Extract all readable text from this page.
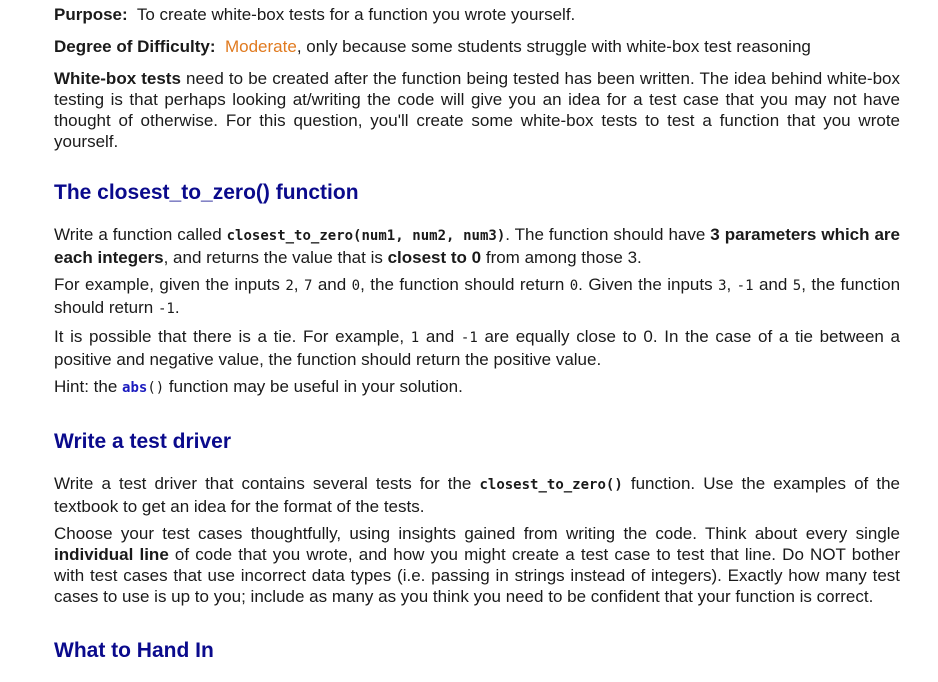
Purpose: To create white-box tests for a function you wrote yourself.

Degree of Difficulty: Moderate, only because some students struggle with white-box test reasoning

White-box tests need to be created after the function being tested has been written. The idea behind white-box testing is that perhaps looking at/writing the code will give you an idea for a test case that you may not have thought of otherwise. For this question, you'll create some white-box tests to test a function that you wrote yourself.

The closest_to_zero() function

Write a function called closest_to_zero(num1, num2, num3). The function should have 3 parameters which are each integers, and returns the value that is closest to 0 from among those 3.

For example, given the inputs 2, 7 and 0, the function should return 0. Given the inputs 3, -1 and 5, the function should return -1.

It is possible that there is a tie. For example, 1 and -1 are equally close to 0. In the case of a tie between a positive and negative value, the function should return the positive value.

Hint: the abs() function may be useful in your solution.

Write a test driver

Write a test driver that contains several tests for the closest_to_zero() function. Use the examples of the textbook to get an idea for the format of the tests.

Choose your test cases thoughtfully, using insights gained from writing the code. Think about every single individual line of code that you wrote, and how you might create a test case to test that line. Do NOT bother with test cases that use incorrect data types (i.e. passing in strings instead of integers). Exactly how many test cases to use is up to you; include as many as you think you need to be confident that your function is correct.

What to Hand In
